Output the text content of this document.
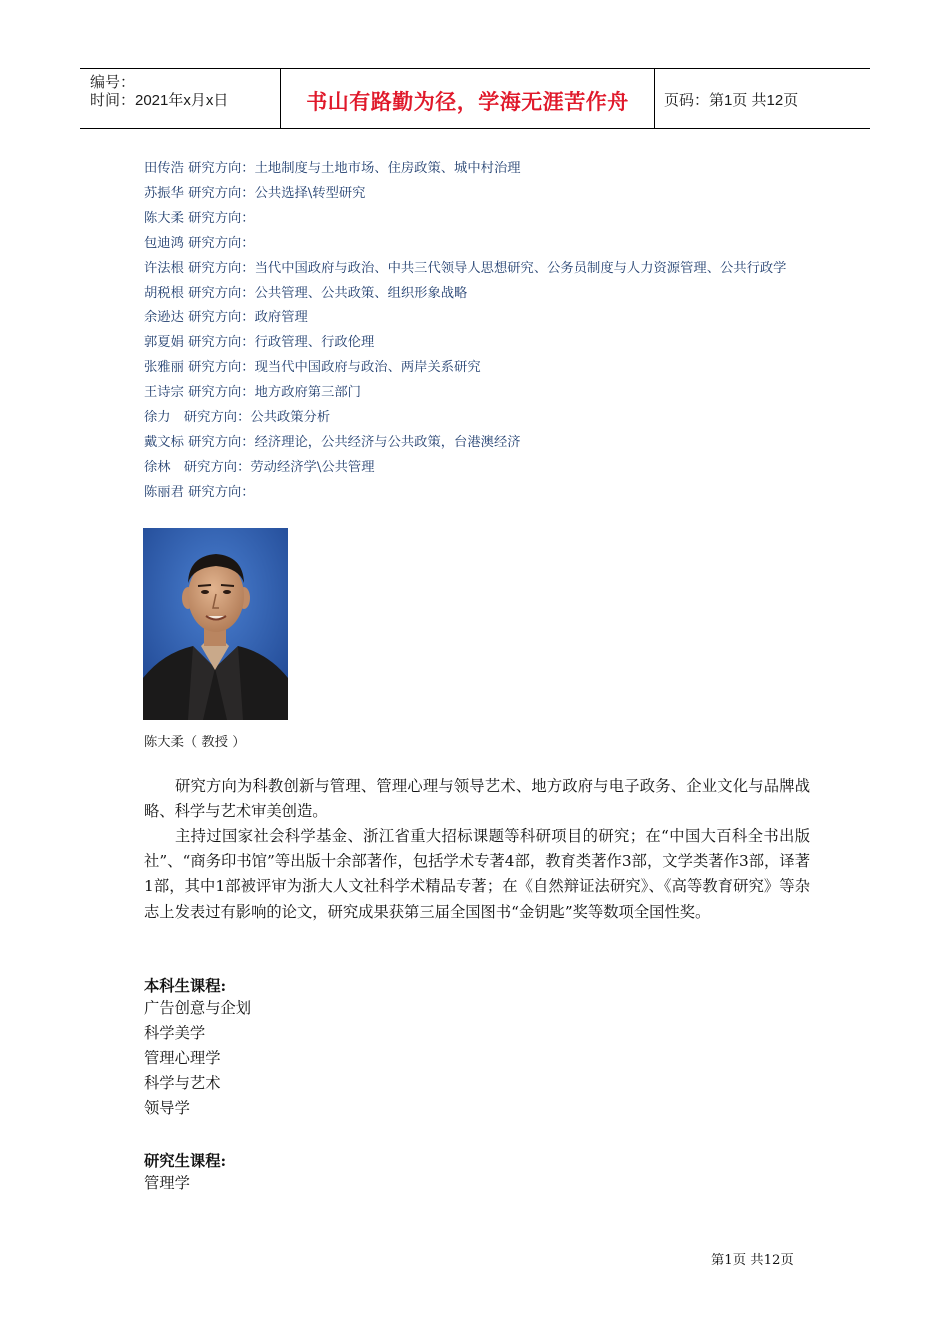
编号：
时间：2021年x月x日	书山有路勤为径，学海无涯苦作舟	页码：第1页 共12页
田传浩 研究方向：土地制度与土地市场、住房政策、城中村治理
苏振华 研究方向：公共选择\转型研究
陈大柔 研究方向：
包迪鸿 研究方向：
许法根 研究方向：当代中国政府与政治、中共三代领导人思想研究、公务员制度与人力资源管理、公共行政学
胡税根 研究方向：公共管理、公共政策、组织形象战略
余逊达 研究方向：政府管理
郭夏娟 研究方向：行政管理、行政伦理
张雅丽 研究方向：现当代中国政府与政治、两岸关系研究
王诗宗 研究方向：地方政府第三部门
徐力　研究方向：公共政策分析
戴文标 研究方向：经济理论，公共经济与公共政策，台港澳经济
徐林　研究方向：劳动经济学\公共管理
陈丽君 研究方向：
陈大柔（ 教授 ）

研究方向为科教创新与管理、管理心理与领导艺术、地方政府与电子政务、企业文化与品牌战略、科学与艺术审美创造。

主持过国家社会科学基金、浙江省重大招标课题等科研项目的研究；在“中国大百科全书出版社”、“商务印书馆”等出版十余部著作，包括学术专著4部，教育类著作3部，文学类著作3部，译著1部，其中1部被评审为浙大人文社科学术精品专著；在《自然辩证法研究》、《高等教育研究》等杂志上发表过有影响的论文，研究成果获第三届全国图书“金钥匙”奖等数项全国性奖。

本科生课程:
广告创意与企划
科学美学
管理心理学
科学与艺术
领导学
研究生课程:
管理学
第1页 共12页
